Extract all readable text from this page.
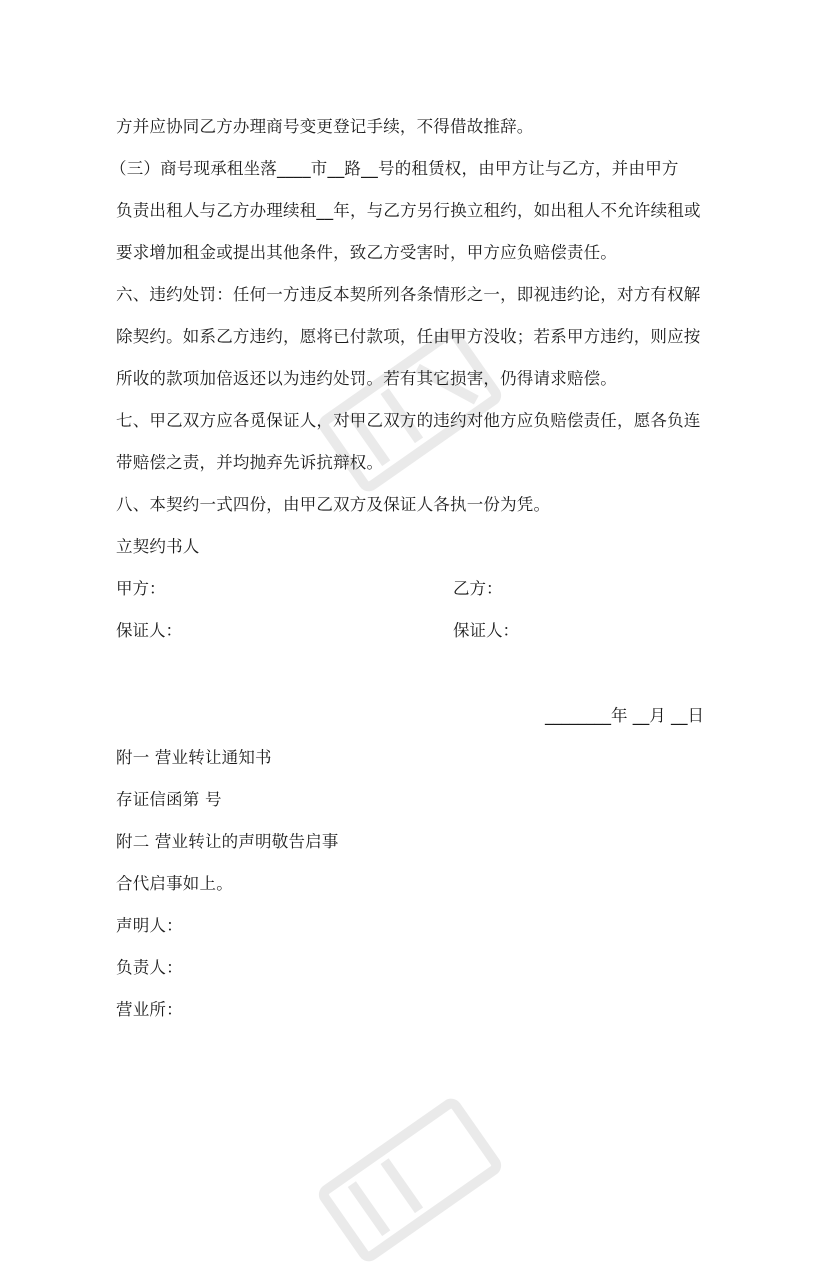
方并应协同乙方办理商号变更登记手续，不得借故推辞。
（三）商号现承租坐落____市__路__号的租赁权，由甲方让与乙方，并由甲方
负责出租人与乙方办理续租__年，与乙方另行换立租约，如出租人不允许续租或
要求增加租金或提出其他条件，致乙方受害时，甲方应负赔偿责任。
六、违约处罚：任何一方违反本契所列各条情形之一，即视违约论，对方有权解
除契约。如系乙方违约，愿将已付款项，任由甲方没收；若系甲方违约，则应按
所收的款项加倍返还以为违约处罚。若有其它损害，仍得请求赔偿。
七、甲乙双方应各觅保证人，对甲乙双方的违约对他方应负赔偿责任，愿各负连
带赔偿之责，并均抛弃先诉抗辩权。
八、本契约一式四份，由甲乙双方及保证人各执一份为凭。
立契约书人
甲方：	乙方：
保证人：	保证人：
________年 __月 __日
附一 营业转让通知书
存证信函第 号
附二 营业转让的声明敬告启事
合代启事如上。
声明人：
负责人：
营业所：
